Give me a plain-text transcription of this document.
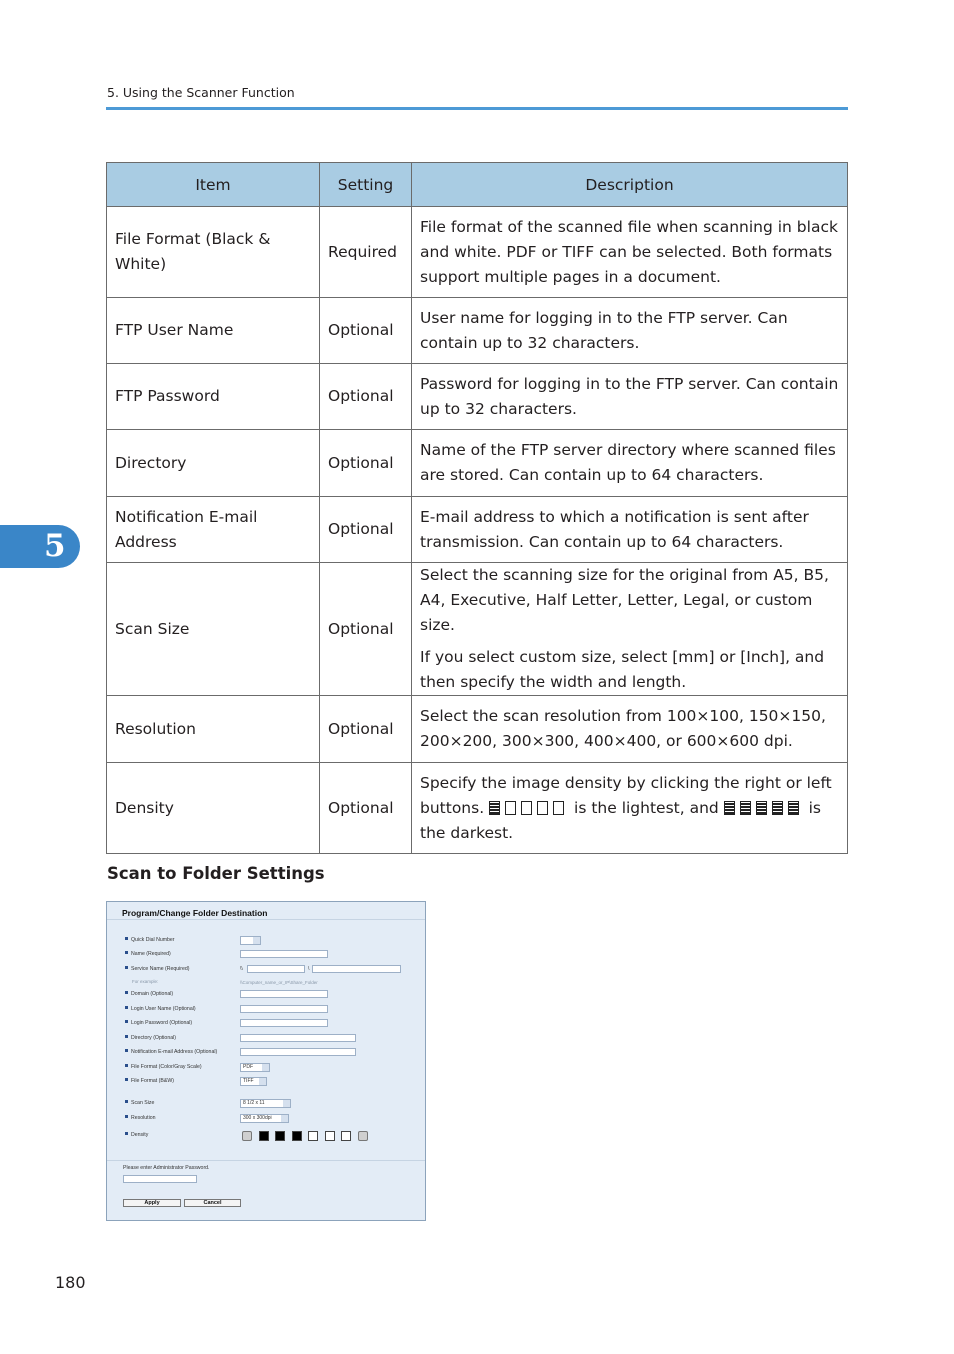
5. Using the Scanner Function
Item	Setting	Description
File Format (Black & White)	Required	File format of the scanned file when scanning in black and white. PDF or TIFF can be selected. Both formats support multiple pages in a document.

FTP User Name	Optional	User name for logging in to the FTP server. Can contain up to 32 characters.

FTP Password	Optional	Password for logging in to the FTP server. Can contain up to 32 characters.

Directory	Optional	Name of the FTP server directory where scanned files are stored. Can contain up to 64 characters.

Notification E-mail Address	Optional	E-mail address to which a notification is sent after transmission. Can contain up to 64 characters.

Scan Size	Optional	Select the scanning size for the original from A5, B5, A4, Executive, Half Letter, Letter, Legal, or custom size.

If you select custom size, select [mm] or [Inch], and then specify the width and length.

Resolution	Optional	Select the scan resolution from 100×100, 150×150, 200×200, 300×300, 400×400, or 600×600 dpi.

Density	Optional	Specify the image density by clicking the right or left buttons. is the lightest, and is the darkest.

5
Scan to Folder Settings
Program/Change Folder Destination
Quick Dial Number
Name (Required)
Service Name (Required)	\\	\
For example:	\\Computer_name_or_IP\Share_Folder
Domain (Optional)
Login User Name (Optional)
Login Password (Optional)
Directory (Optional)
Notification E-mail Address (Optional)
File Format (Color/Gray Scale)	PDF
File Format (B&W)	TIFF
Scan Size	8 1/2 x 11
Resolution	300 x 300dpi
Density
Please enter Administrator Password.
Apply	Cancel
180
